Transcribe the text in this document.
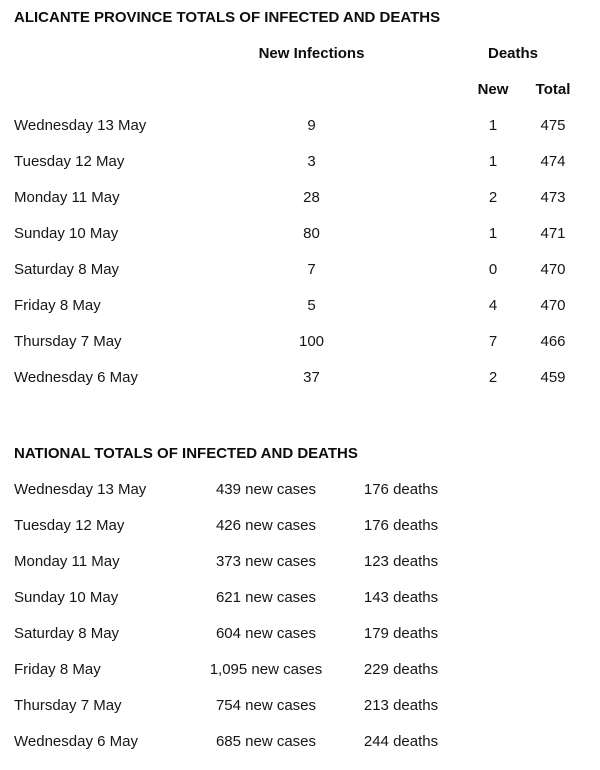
ALICANTE PROVINCE TOTALS OF INFECTED AND DEATHS
	New Infections	Deaths		
		New	Total	
Wednesday 13 May	9	1	475	
Tuesday 12 May	3	1	474	
Monday 11 May	28	2	473	
Sunday 10 May	80	1	471	
Saturday 8 May	7	0	470	
Friday 8 May	5	4	470	
Thursday 7 May	100	7	466	
Wednesday 6 May	37	2	459	
NATIONAL TOTALS OF INFECTED AND DEATHS
Wednesday 13 May	439 new cases	176 deaths	
Tuesday 12 May	426 new cases	176 deaths	
Monday 11 May	373 new cases	123 deaths	
Sunday 10 May	621 new cases	143 deaths	
Saturday 8 May	604 new cases	179 deaths	
Friday 8 May	1,095 new cases	229 deaths	
Thursday 7 May	754 new cases	213 deaths	
Wednesday 6 May	685 new cases	244 deaths	
